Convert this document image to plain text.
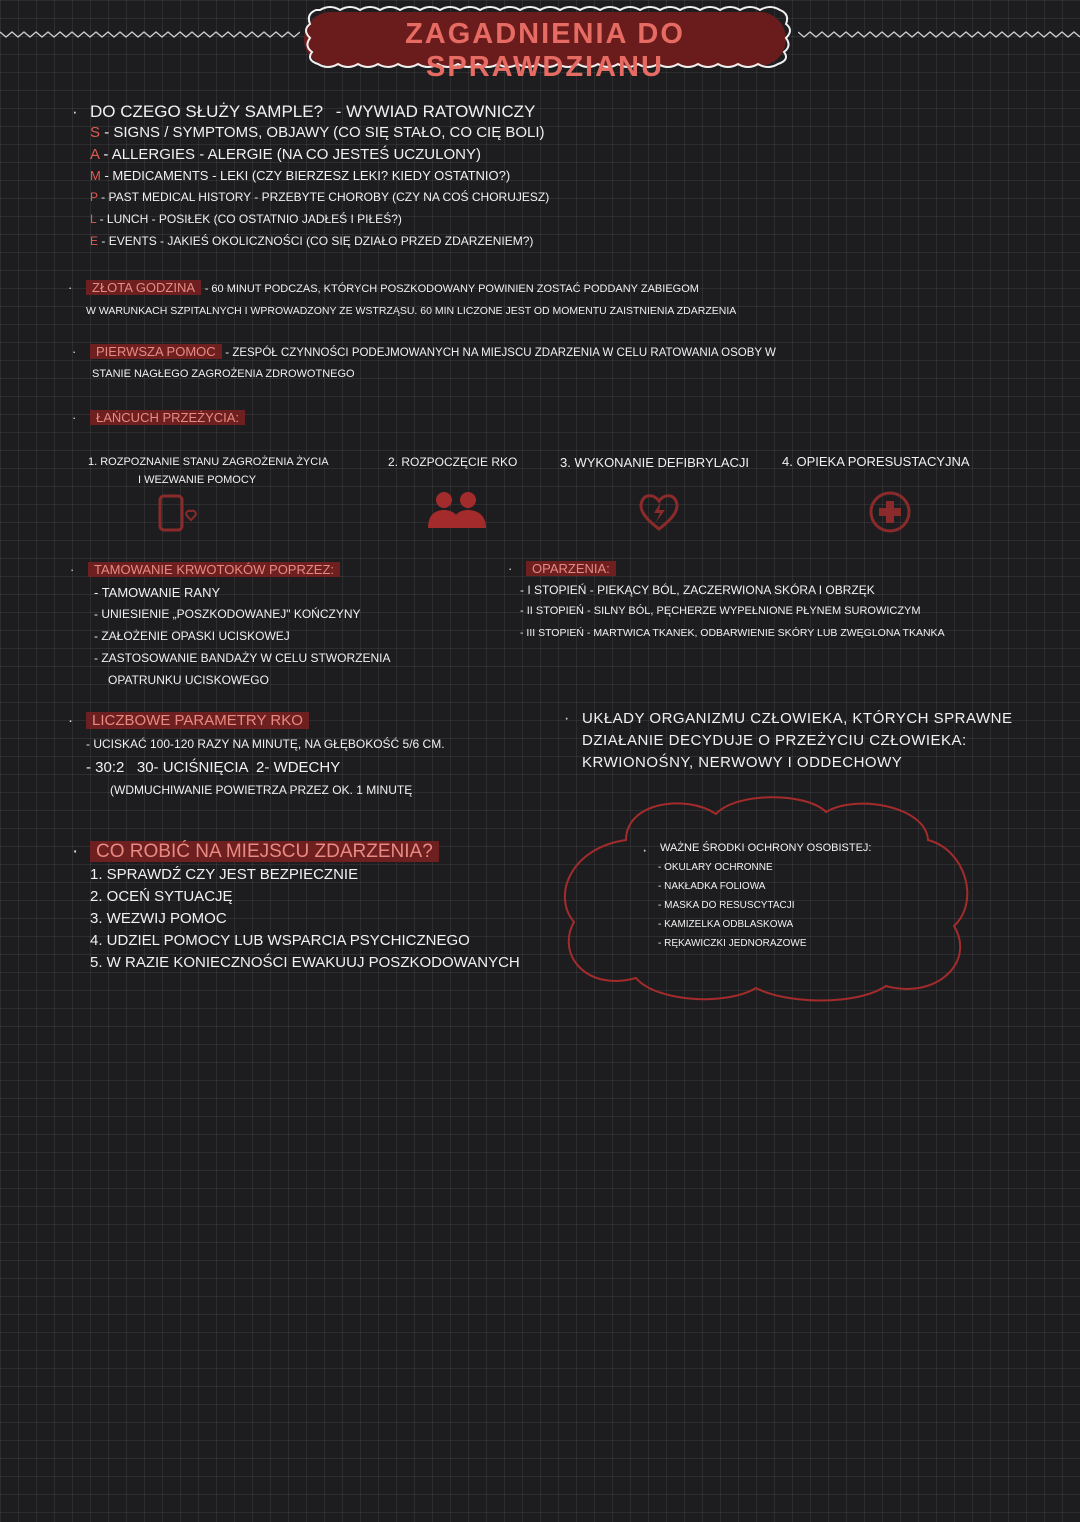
ZAGADNIENIA DO SPRAWDZIANU
· DO CZEGO SŁUŻY SAMPLE? - WYWIAD RATOWNICZY
S - SIGNS / SYMPTOMS, OBJAWY (CO SIĘ STAŁO, CO CIĘ BOLI)
A - ALLERGIES - ALERGIE (NA CO JESTEŚ UCZULONY)
M - MEDICAMENTS - LEKI (CZY BIERZESZ LEKI? KIEDY OSTATNIO?)
P - PAST MEDICAL HISTORY - PRZEBYTE CHOROBY (CZY NA COŚ CHORUJESZ)
L - LUNCH - POSIŁEK (CO OSTATNIO JADŁEŚ I PIŁEŚ?)
E - EVENTS - JAKIEŚ OKOLICZNOŚCI (CO SIĘ DZIAŁO PRZED ZDARZENIEM?)
· ZŁOTA GODZINA - 60 MINUT PODCZAS, KTÓRYCH POSZKODOWANY POWINIEN ZOSTAĆ PODDANY ZABIEGOM
W WARUNKACH SZPITALNYCH I WPROWADZONY ZE WSTRZĄSU. 60 MIN LICZONE JEST OD MOMENTU ZAISTNIENIA ZDARZENIA
· PIERWSZA POMOC - ZESPÓŁ CZYNNOŚCI PODEJMOWANYCH NA MIEJSCU ZDARZENIA W CELU RATOWANIA OSOBY W
STANIE NAGŁEGO ZAGROŻENIA ZDROWOTNEGO
· ŁAŃCUCH PRZEŻYCIA:
1. ROZPOZNANIE STANU ZAGROŻENIA ŻYCIA
I WEZWANIE POMOCY
2. ROZPOCZĘCIE RKO	3. WYKONANIE DEFIBRYLACJI	4. OPIEKA PORESUSTACYJNA
· TAMOWANIE KRWOTOKÓW POPRZEZ:
- TAMOWANIE RANY
- UNIESIENIE „POSZKODOWANEJ" KOŃCZYNY
- ZAŁOŻENIE OPASKI UCISKOWEJ
- ZASTOSOWANIE BANDAŻY W CELU STWORZENIA
OPATRUNKU UCISKOWEGO
· OPARZENIA:
- I STOPIEŃ - PIEKĄCY BÓL, ZACZERWIONA SKÓRA I OBRZĘK
- II STOPIEŃ - SILNY BÓL, PĘCHERZE WYPEŁNIONE PŁYNEM SUROWICZYM
- III STOPIEŃ - MARTWICA TKANEK, ODBARWIENIE SKÓRY LUB ZWĘGLONA TKANKA
· LICZBOWE PARAMETRY RKO
- UCISKAĆ 100-120 RAZY NA MINUTĘ, NA GŁĘBOKOŚĆ 5/6 CM.
- 30:2   30- UCIŚNIĘCIA  2- WDECHY
(WDMUCHIWANIE POWIETRZA PRZEZ OK. 1 MINUTĘ
· UKŁADY ORGANIZMU CZŁOWIEKA, KTÓRYCH SPRAWNE
DZIAŁANIE DECYDUJE O PRZEŻYCIU CZŁOWIEKA:
KRWIONOŚNY, NERWOWY I ODDECHOWY
· CO ROBIĆ NA MIEJSCU ZDARZENIA?
1. SPRAWDŹ CZY JEST BEZPIECZNIE
2. OCEŃ SYTUACJĘ
3. WEZWIJ POMOC
4. UDZIEL POMOCY LUB WSPARCIA PSYCHICZNEGO
5. W RAZIE KONIECZNOŚCI EWAKUUJ POSZKODOWANYCH
· WAŻNE ŚRODKI OCHRONY OSOBISTEJ:
- OKULARY OCHRONNE
- NAKŁADKA FOLIOWA
- MASKA DO RESUSCYTACJI
- KAMIZELKA ODBLASKOWA
- RĘKAWICZKI JEDNORAZOWE
